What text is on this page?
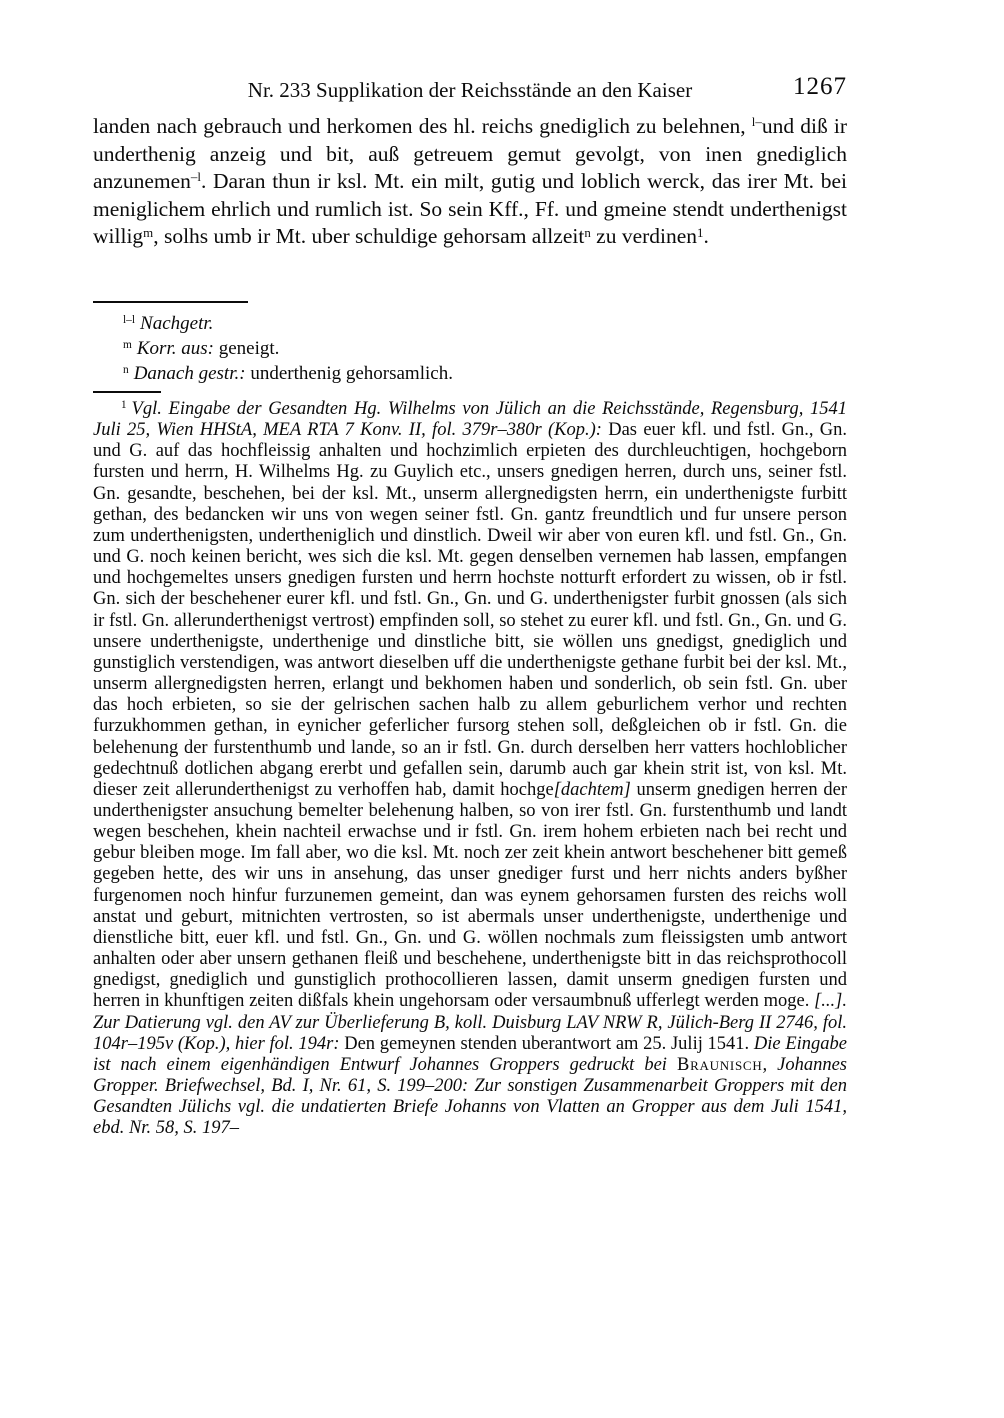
Nr. 233 Supplikation der Reichsstände an den Kaiser	1267

landen nach gebrauch und herkomen des hl. reichs gnediglich zu belehnen, $^{l-}$und diß ir underthenig anzeig und bit, auß getreuem gemut gevolgt, von inen gnediglich anzunemen$^{-l}$. Daran thun ir ksl. Mt. ein milt, gutig und loblich werck, das irer Mt. bei meniglichem ehrlich und rumlich ist. So sein Kff., Ff. und gmeine stendt underthenigst willig$^m$, solhs umb ir Mt. uber schuldige gehorsam allzeit$^n$ zu verdinen$^1$.

$^{l-l}$ Nachgetr.

$^m$ Korr. aus: geneigt.

$^n$ Danach gestr.: underthenig gehorsamlich.

$^1$ Vgl. Eingabe der Gesandten Hg. Wilhelms von Jülich an die Reichsstände, Regensburg, 1541 Juli 25, Wien HHStA, MEA RTA 7 Konv. II, fol. 379r–380r (Kop.): Das euer kfl. und fstl. Gn., Gn. und G. auf das hochfleissig anhalten und hochzimlich erpieten des durchleuchtigen, hochgeborn fursten und herrn, H. Wilhelms Hg. zu Guylich etc., unsers gnedigen herren, durch uns, seiner fstl. Gn. gesandte, beschehen, bei der ksl. Mt., unserm allergnedigsten herrn, ein underthenigste furbitt gethan, des bedancken wir uns von wegen seiner fstl. Gn. gantz freundtlich und fur unsere person zum underthenigsten, undertheniglich und dinstlich. Dweil wir aber von euren kfl. und fstl. Gn., Gn. und G. noch keinen bericht, wes sich die ksl. Mt. gegen denselben vernemen hab lassen, empfangen und hochgemeltes unsers gnedigen fursten und herrn hochste notturft erfordert zu wissen, ob ir fstl. Gn. sich der beschehener eurer kfl. und fstl. Gn., Gn. und G. underthenigster furbit gnossen (als sich ir fstl. Gn. allerunderthenigst vertrost) empfinden soll, so stehet zu eurer kfl. und fstl. Gn., Gn. und G. unsere underthenigste, underthenige und dinstliche bitt, sie wöllen uns gnedigst, gnediglich und gunstiglich verstendigen, was antwort dieselben uff die underthenigste gethane furbit bei der ksl. Mt., unserm allergnedigsten herren, erlangt und bekhomen haben und sonderlich, ob sein fstl. Gn. uber das hoch erbieten, so sie der gelrischen sachen halb zu allem geburlichem verhor und rechten furzukhommen gethan, in eynicher geferlicher fursorg stehen soll, deßgleichen ob ir fstl. Gn. die belehenung der furstenthumb und lande, so an ir fstl. Gn. durch derselben herr vatters hochloblicher gedechtnuß dotlichen abgang ererbt und gefallen sein, darumb auch gar khein strit ist, von ksl. Mt. dieser zeit allerunderthenigst zu verhoffen hab, damit hochge[dachtem] unserm gnedigen herren der underthenigster ansuchung bemelter belehenung halben, so von irer fstl. Gn. furstenthumb und landt wegen beschehen, khein nachteil erwachse und ir fstl. Gn. irem hohem erbieten nach bei recht und gebur bleiben moge. Im fall aber, wo die ksl. Mt. noch zer zeit khein antwort beschehener bitt gemeß gegeben hette, des wir uns in ansehung, das unser gnediger furst und herr nichts anders byßher furgenomen noch hinfur furzunemen gemeint, dan was eynem gehorsamen fursten des reichs woll anstat und geburt, mitnichten vertrosten, so ist abermals unser underthenigste, underthenige und dienstliche bitt, euer kfl. und fstl. Gn., Gn. und G. wöllen nochmals zum fleissigsten umb antwort anhalten oder aber unsern gethanen fleiß und beschehene, underthenigste bitt in das reichsprothocoll gnedigst, gnediglich und gunstiglich prothocollieren lassen, damit unserm gnedigen fursten und herren in khunftigen zeiten dißfals khein ungehorsam oder versaumbnuß ufferlegt werden moge. [...]. Zur Datierung vgl. den AV zur Überlieferung B, koll. Duisburg LAV NRW R, Jülich-Berg II 2746, fol. 104r–195v (Kop.), hier fol. 194r: Den gemeynen stenden uberantwort am 25. Julij 1541. Die Eingabe ist nach einem eigenhändigen Entwurf Johannes Groppers gedruckt bei Braunisch, Johannes Gropper. Briefwechsel, Bd. I, Nr. 61, S. 199–200: Zur sonstigen Zusammenarbeit Groppers mit den Gesandten Jülichs vgl. die undatierten Briefe Johanns von Vlatten an Gropper aus dem Juli 1541, ebd. Nr. 58, S. 197–
